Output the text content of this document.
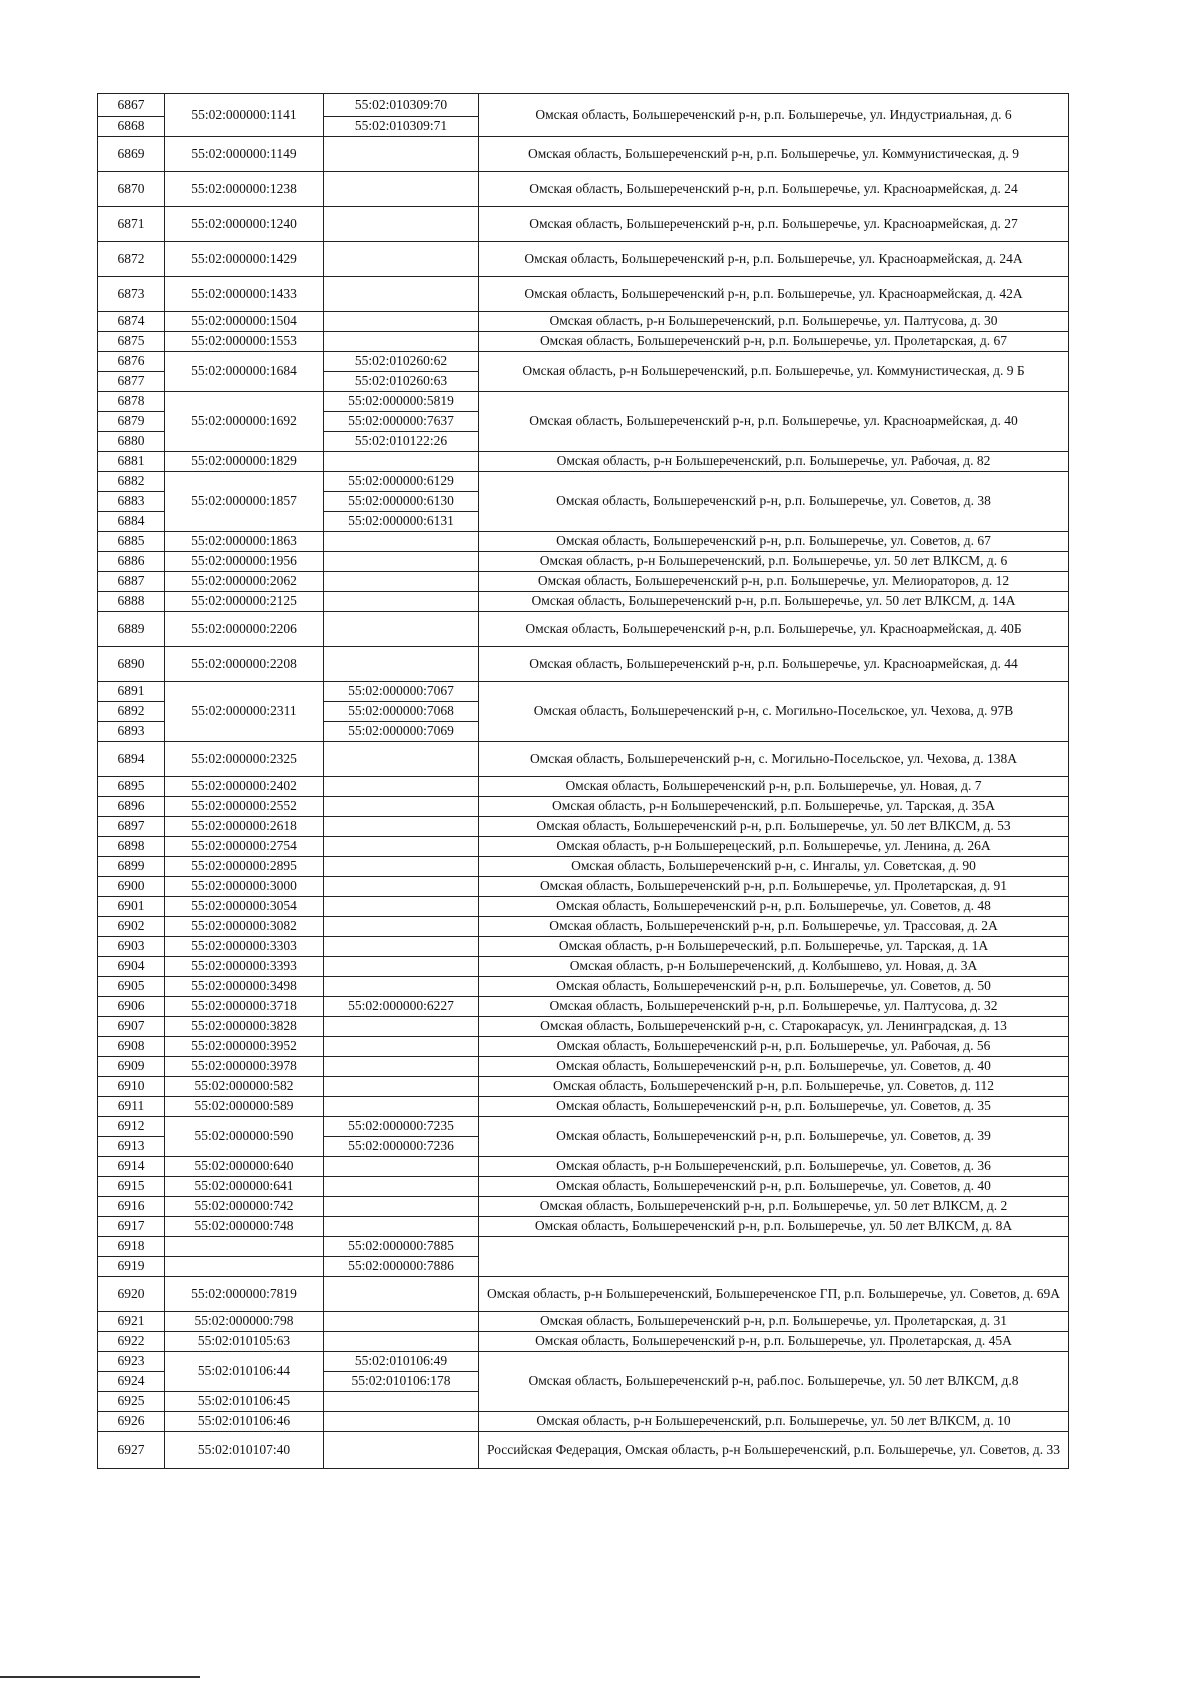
6867	55:02:000000:1141	55:02:010309:70	Омская область, Большереченский р-н, р.п. Большеречье, ул. Индустриальная, д. 6
6868		55:02:010309:71	
6869	55:02:000000:1149		Омская область, Большереченский р-н, р.п. Большеречье, ул. Коммунистическая, д. 9
6870	55:02:000000:1238		Омская область, Большереченский р-н, р.п. Большеречье, ул. Красноармейская, д. 24
6871	55:02:000000:1240		Омская область, Большереченский р-н, р.п. Большеречье, ул. Красноармейская, д. 27
6872	55:02:000000:1429		Омская область, Большереченский р-н, р.п. Большеречье, ул. Красноармейская, д. 24А
6873	55:02:000000:1433		Омская область, Большереченский р-н, р.п. Большеречье, ул. Красноармейская, д. 42А
6874	55:02:000000:1504		Омская область, р-н Большереченский, р.п. Большеречье, ул. Палтусова, д. 30
6875	55:02:000000:1553		Омская область, Большереченский р-н, р.п. Большеречье, ул. Пролетарская, д. 67
6876	55:02:000000:1684	55:02:010260:62	Омская область, р-н Большереченский, р.п. Большеречье, ул. Коммунистическая, д. 9 Б
6877		55:02:010260:63	
6878	55:02:000000:1692	55:02:000000:5819	Омская область, Большереченский р-н, р.п. Большеречье, ул. Красноармейская, д. 40
6879		55:02:000000:7637	
6880		55:02:010122:26	
6881	55:02:000000:1829		Омская область, р-н Большереченский, р.п. Большеречье, ул. Рабочая, д. 82
6882	55:02:000000:1857	55:02:000000:6129	Омская область, Большереченский р-н, р.п. Большеречье, ул. Советов, д. 38
6883		55:02:000000:6130	
6884		55:02:000000:6131	
6885	55:02:000000:1863		Омская область, Большереченский р-н, р.п. Большеречье, ул. Советов, д. 67
6886	55:02:000000:1956		Омская область, р-н Большереченский, р.п. Большеречье, ул. 50 лет ВЛКСМ, д. 6
6887	55:02:000000:2062		Омская область, Большереченский р-н, р.п. Большеречье, ул. Мелиораторов, д. 12
6888	55:02:000000:2125		Омская область, Большереченский р-н, р.п. Большеречье, ул. 50 лет ВЛКСМ, д. 14А
6889	55:02:000000:2206		Омская область, Большереченский р-н, р.п. Большеречье, ул. Красноармейская, д. 40Б
6890	55:02:000000:2208		Омская область, Большереченский р-н, р.п. Большеречье, ул. Красноармейская, д. 44
6891	55:02:000000:2311	55:02:000000:7067	Омская область, Большереченский р-н, с. Могильно-Посельское, ул. Чехова, д. 97В
6892		55:02:000000:7068	
6893		55:02:000000:7069	
6894	55:02:000000:2325		Омская область, Большереченский р-н, с. Могильно-Посельское, ул. Чехова, д. 138А
6895	55:02:000000:2402		Омская область, Большереченский р-н, р.п. Большеречье, ул. Новая, д. 7
6896	55:02:000000:2552		Омская область, р-н Большереченский, р.п. Большеречье, ул. Тарская, д. 35А
6897	55:02:000000:2618		Омская область, Большереченский р-н, р.п. Большеречье, ул. 50 лет ВЛКСМ, д. 53
6898	55:02:000000:2754		Омская область, р-н Большерецеский, р.п. Большеречье, ул. Ленина, д. 26А
6899	55:02:000000:2895		Омская область, Большереченский р-н, с. Ингалы, ул. Советская, д. 90
6900	55:02:000000:3000		Омская область, Большереченский р-н, р.п. Большеречье, ул. Пролетарская, д. 91
6901	55:02:000000:3054		Омская область, Большереченский р-н, р.п. Большеречье, ул. Советов, д. 48
6902	55:02:000000:3082		Омская область, Большереченский р-н, р.п. Большеречье, ул. Трассовая, д. 2А
6903	55:02:000000:3303		Омская область, р-н Большереческий, р.п. Большеречье, ул. Тарская, д. 1А
6904	55:02:000000:3393		Омская область, р-н Большереченский, д. Колбышево, ул. Новая, д. 3А
6905	55:02:000000:3498		Омская область, Большереченский р-н, р.п. Большеречье, ул. Советов, д. 50
6906	55:02:000000:3718	55:02:000000:6227	Омская область, Большереченский р-н, р.п. Большеречье, ул. Палтусова, д. 32
6907	55:02:000000:3828		Омская область, Большереченский р-н, с. Старокарасук, ул. Ленинградская, д. 13
6908	55:02:000000:3952		Омская область, Большереченский р-н, р.п. Большеречье, ул. Рабочая, д. 56
6909	55:02:000000:3978		Омская область, Большереченский р-н, р.п. Большеречье, ул. Советов, д. 40
6910	55:02:000000:582		Омская область, Большереченский р-н, р.п. Большеречье, ул. Советов, д. 112
6911	55:02:000000:589		Омская область, Большереченский р-н, р.п. Большеречье, ул. Советов, д. 35
6912	55:02:000000:590	55:02:000000:7235	Омская область, Большереченский р-н, р.п. Большеречье, ул. Советов, д. 39
6913		55:02:000000:7236	
6914	55:02:000000:640		Омская область, р-н Большереченский, р.п. Большеречье, ул. Советов, д. 36
6915	55:02:000000:641		Омская область, Большереченский р-н, р.п. Большеречье, ул. Советов, д. 40
6916	55:02:000000:742		Омская область, Большереченский р-н, р.п. Большеречье, ул. 50 лет ВЛКСМ, д. 2
6917	55:02:000000:748		Омская область, Большереченский р-н, р.п. Большеречье, ул. 50 лет ВЛКСМ, д. 8А
6918		55:02:000000:7885	
6919		55:02:000000:7886	
6920	55:02:000000:7819		Омская область, р-н Большереченский, Большереченское ГП, р.п. Большеречье, ул. Советов, д. 69А
6921	55:02:000000:798		Омская область, Большереченский р-н, р.п. Большеречье, ул. Пролетарская, д. 31
6922	55:02:010105:63		Омская область, Большереченский р-н, р.п. Большеречье, ул. Пролетарская, д. 45А
6923	55:02:010106:44	55:02:010106:49	Омская область, Большереченский р-н, раб.пос. Большеречье, ул. 50 лет ВЛКСМ, д.8
6924		55:02:010106:178	
6925	55:02:010106:45		
6926	55:02:010106:46		Омская область, р-н Большереченский, р.п. Большеречье, ул. 50 лет ВЛКСМ, д. 10
6927	55:02:010107:40		Российская Федерация, Омская область, р-н Большереченский, р.п. Большеречье, ул. Советов, д. 33
